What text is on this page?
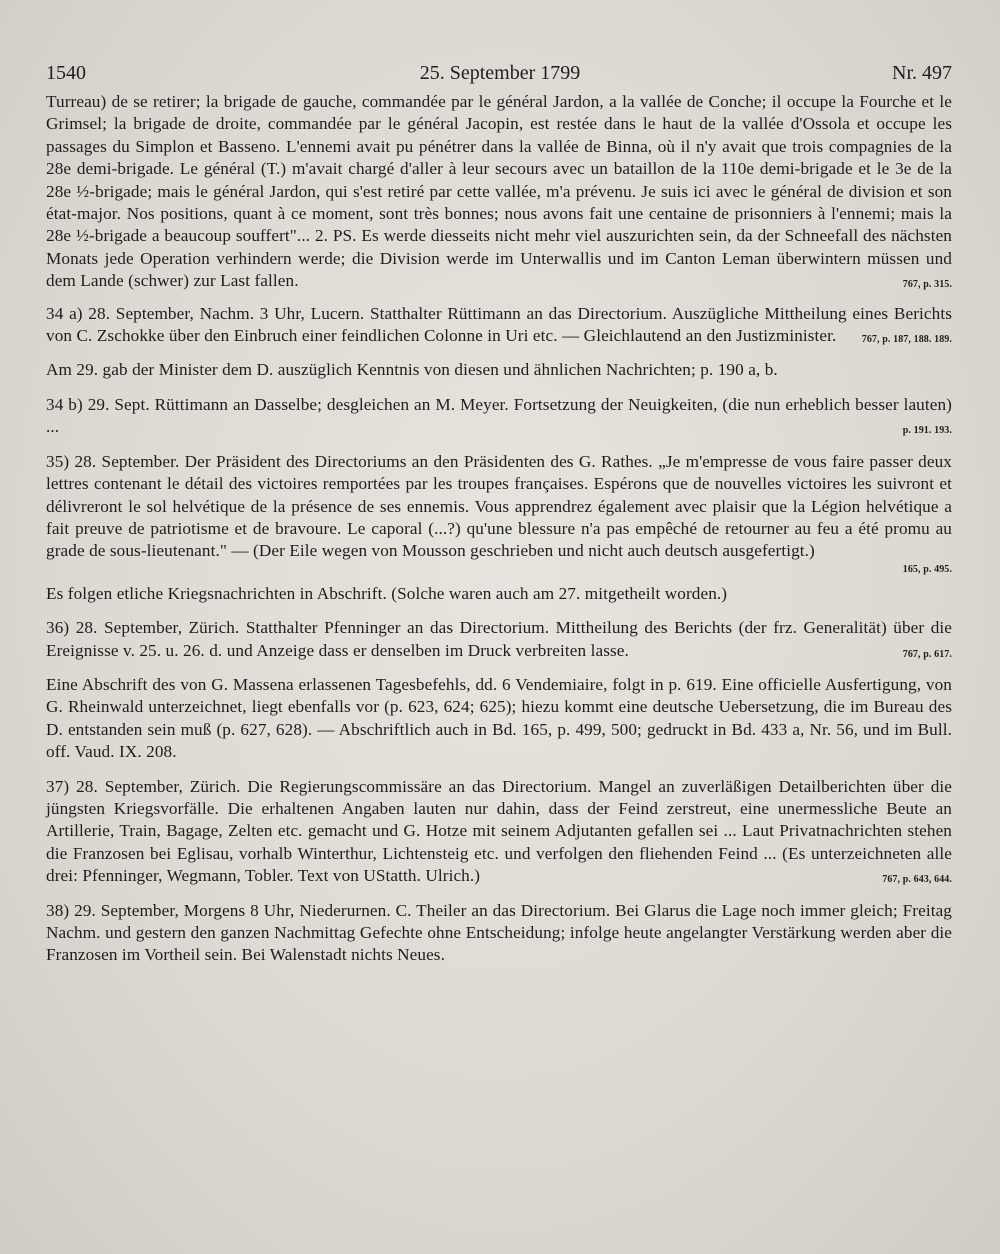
1540	25. September 1799	Nr. 497

Turreau) de se retirer; la brigade de gauche, commandée par le général Jardon, a la vallée de Conche; il occupe la Fourche et le Grimsel; la brigade de droite, commandée par le général Jacopin, est restée dans le haut de la vallée d'Ossola et occupe les passages du Simplon et Basseno. L'ennemi avait pu pénétrer dans la vallée de Binna, où il n'y avait que trois compagnies de la 28e demi-brigade. Le général (T.) m'avait chargé d'aller à leur secours avec un bataillon de la 110e demi-brigade et le 3e de la 28e ½-brigade; mais le général Jardon, qui s'est retiré par cette vallée, m'a prévenu. Je suis ici avec le général de division et son état-major. Nos positions, quant à ce moment, sont très bonnes; nous avons fait une centaine de prisonniers à l'ennemi; mais la 28e ½-brigade a beaucoup souffert"... 2. PS. Es werde diesseits nicht mehr viel auszurichten sein, da der Schneefall des nächsten Monats jede Operation verhindern werde; die Division werde im Unterwallis und im Canton Leman überwintern müssen und dem Lande (schwer) zur Last fallen.	767, p. 315.

34 a) 28. September, Nachm. 3 Uhr, Lucern. Statthalter Rüttimann an das Directorium. Auszügliche Mittheilung eines Berichts von C. Zschokke über den Einbruch einer feindlichen Colonne in Uri etc. — Gleichlautend an den Justizminister.	767, p. 187, 188. 189.

Am 29. gab der Minister dem D. auszüglich Kenntnis von diesen und ähnlichen Nachrichten; p. 190 a, b.

34 b) 29. Sept. Rüttimann an Dasselbe; desgleichen an M. Meyer. Fortsetzung der Neuigkeiten, (die nun erheblich besser lauten) ...	p. 191. 193.

35) 28. September. Der Präsident des Directoriums an den Präsidenten des G. Rathes. „Je m'empresse de vous faire passer deux lettres contenant le détail des victoires remportées par les troupes françaises. Espérons que de nouvelles victoires les suivront et délivreront le sol helvétique de la présence de ses ennemis. Vous apprendrez également avec plaisir que la Légion helvétique a fait preuve de patriotisme et de bravoure. Le caporal (...?) qu'une blessure n'a pas empêché de retourner au feu a été promu au grade de sous-lieutenant." — (Der Eile wegen von Mousson geschrieben und nicht auch deutsch ausgefertigt.)
165, p. 495.

Es folgen etliche Kriegsnachrichten in Abschrift. (Solche waren auch am 27. mitgetheilt worden.)

36) 28. September, Zürich. Statthalter Pfenninger an das Directorium. Mittheilung des Berichts (der frz. Generalität) über die Ereignisse v. 25. u. 26. d. und Anzeige dass er denselben im Druck verbreiten lasse.	767, p. 617.

Eine Abschrift des von G. Massena erlassenen Tagesbefehls, dd. 6 Vendemiaire, folgt in p. 619. Eine officielle Ausfertigung, von G. Rheinwald unterzeichnet, liegt ebenfalls vor (p. 623, 624; 625); hiezu kommt eine deutsche Uebersetzung, die im Bureau des D. entstanden sein muß (p. 627, 628). — Abschriftlich auch in Bd. 165, p. 499, 500; gedruckt in Bd. 433 a, Nr. 56, und im Bull. off. Vaud. IX. 208.

37) 28. September, Zürich. Die Regierungscommissäre an das Directorium. Mangel an zuverläßigen Detailberichten über die jüngsten Kriegsvorfälle. Die erhaltenen Angaben lauten nur dahin, dass der Feind zerstreut, eine unermessliche Beute an Artillerie, Train, Bagage, Zelten etc. gemacht und G. Hotze mit seinem Adjutanten gefallen sei ... Laut Privatnachrichten stehen die Franzosen bei Eglisau, vorhalb Winterthur, Lichtensteig etc. und verfolgen den fliehenden Feind ... (Es unterzeichneten alle drei: Pfenninger, Wegmann, Tobler. Text von UStatth. Ulrich.)	767, p. 643, 644.

38) 29. September, Morgens 8 Uhr, Niederurnen. C. Theiler an das Directorium. Bei Glarus die Lage noch immer gleich; Freitag Nachm. und gestern den ganzen Nachmittag Gefechte ohne Entscheidung; infolge heute angelangter Verstärkung werden aber die Franzosen im Vortheil sein. Bei Walenstadt nichts Neues.
